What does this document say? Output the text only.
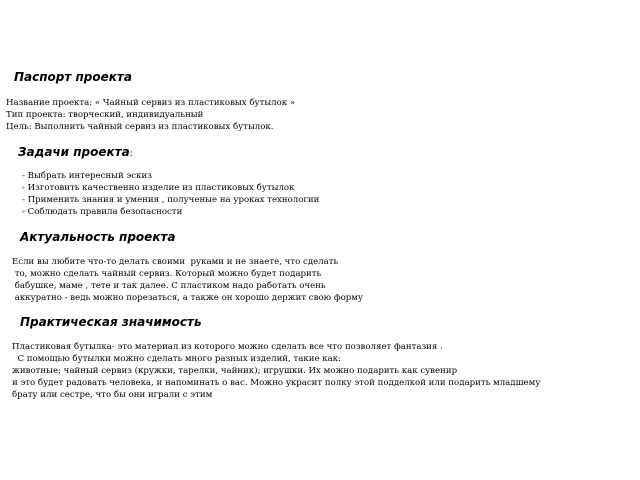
Паспорт проекта
Название проекта: « Чайный сервиз из пластиковых бутылок »
Тип проекта: творческий, индивидуальный
Цель: Выполнить чайный сервиз из пластиковых бутылок.
Задачи проекта:
- Выбрать интересный эскиз
- Изготовить качественно изделие из пластиковых бутылок
- Применить знания и умения , полученые на уроках технологии
- Соблюдать правила безопасности
Актуальность проекта
Если вы любите что-то делать своими  руками и не знаете, что сделать
то, можно сделать чайный сервиз. Который можно будет подарить
бабушке, маме , тете и так далее. С пластиком надо работать очень
аккуратно - ведь можно порезаться, а также он хорошо держит свою форму
Практическая значимость
Пластиковая бутылка- это материал из которого можно сделать все что позволяет фантазия .
С помощью бутылки можно сделать много разных изделий, такие как:
животные; чайный сервиз (кружки, тарелки, чайник); игрушки. Их можно подарить как сувенир
и это будет радовать человека, и напоминать о вас. Можно украсит полку этой подделкой или подарить младшему
брату или сестре, что бы они играли с этим
